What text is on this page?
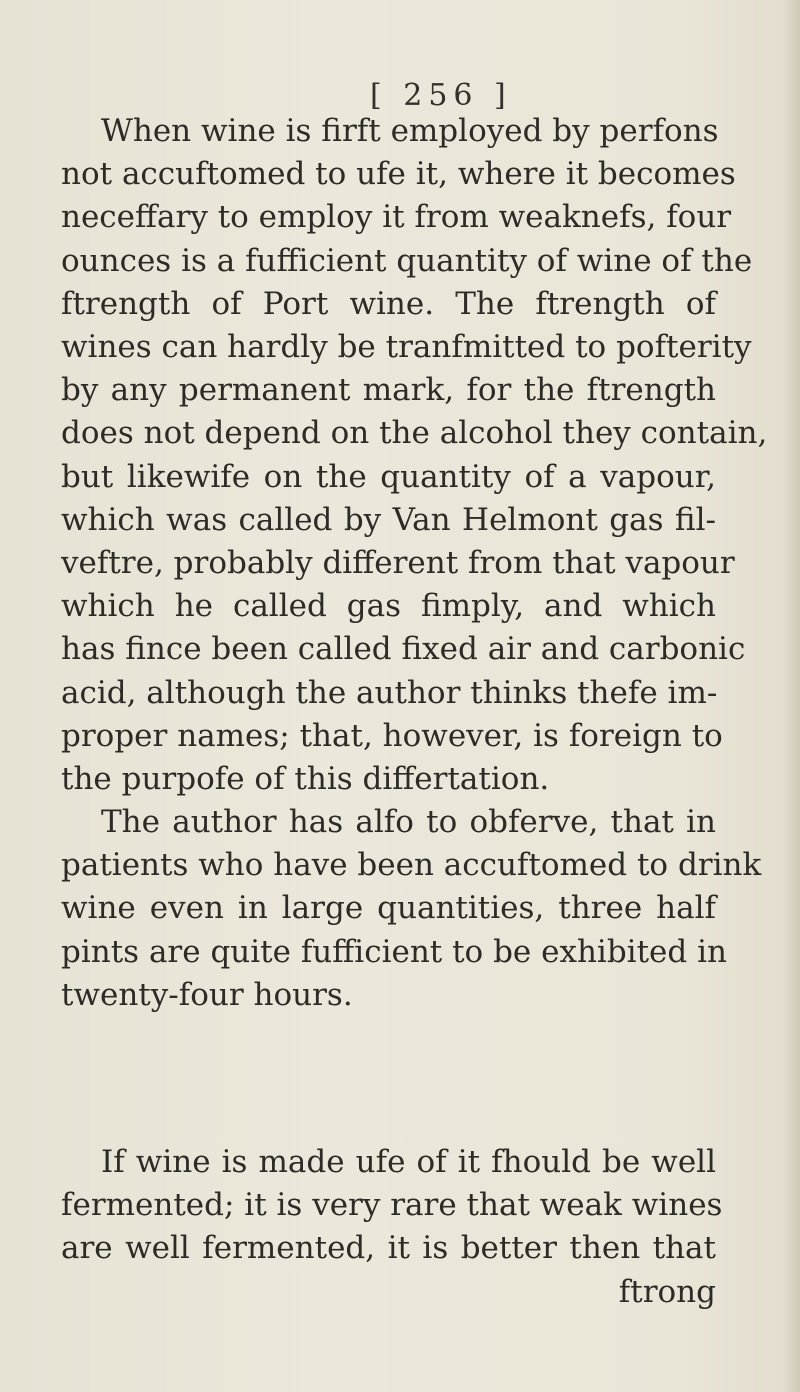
[ 256 ]
When wine is firft employed by perfons
not accuftomed to ufe it, where it becomes
neceffary to employ it from weaknefs, four
ounces is a fufficient quantity of wine of the
ftrength of Port wine. The ftrength of
wines can hardly be tranfmitted to pofterity
by any permanent mark, for the ftrength
does not depend on the alcohol they contain,
but likewife on the quantity of a vapour,
which was called by Van Helmont gas fil-
veftre, probably different from that vapour
which he called gas fimply, and which
has fince been called fixed air and carbonic
acid, although the author thinks thefe im-
proper names; that, however, is foreign to
the purpofe of this differtation.
The author has alfo to obferve, that in
patients who have been accuftomed to drink
wine even in large quantities, three half
pints are quite fufficient to be exhibited in
twenty-four hours.
If wine is made ufe of it fhould be well
fermented; it is very rare that weak wines
are well fermented, it is better then that
ftrong
